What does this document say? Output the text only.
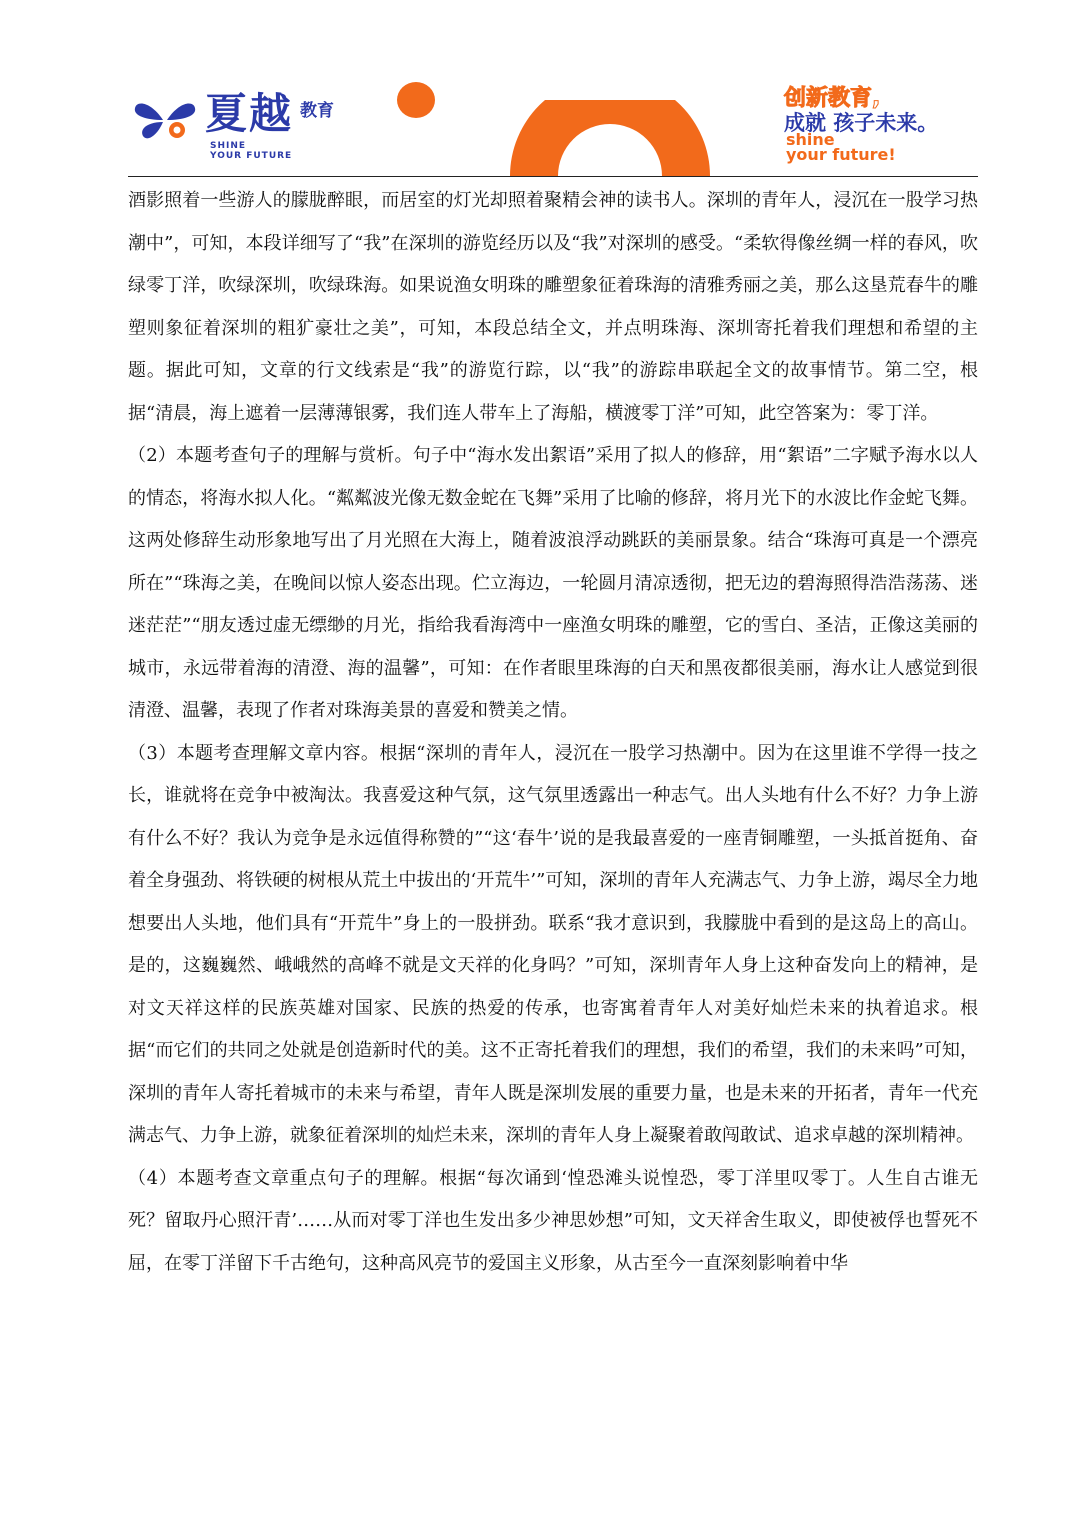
夏越 教育
SHINE
YOUR FUTURE
创新教育,
成就 孩子未来。
shine
your future!

酒影照着一些游人的朦胧醉眼，而居室的灯光却照着聚精会神的读书人。深圳的青年人，浸沉在一股学习热潮中”，可知，本段详细写了“我”在深圳的游览经历以及“我”对深圳的感受。“柔软得像丝绸一样的春风，吹绿零丁洋，吹绿深圳，吹绿珠海。如果说渔女明珠的雕塑象征着珠海的清雅秀丽之美，那么这垦荒春牛的雕塑则象征着深圳的粗犷豪壮之美”，可知，本段总结全文，并点明珠海、深圳寄托着我们理想和希望的主题。据此可知，文章的行文线索是“我”的游览行踪，以“我”的游踪串联起全文的故事情节。第二空，根据“清晨，海上遮着一层薄薄银雾，我们连人带车上了海船，横渡零丁洋”可知，此空答案为：零丁洋。

（2）本题考查句子的理解与赏析。句子中“海水发出絮语”采用了拟人的修辞，用“絮语”二字赋予海水以人的情态，将海水拟人化。“粼粼波光像无数金蛇在飞舞”采用了比喻的修辞，将月光下的水波比作金蛇飞舞。这两处修辞生动形象地写出了月光照在大海上，随着波浪浮动跳跃的美丽景象。结合“珠海可真是一个漂亮所在”“珠海之美，在晚间以惊人姿态出现。伫立海边，一轮圆月清凉透彻，把无边的碧海照得浩浩荡荡、迷迷茫茫”“朋友透过虚无缥缈的月光，指给我看海湾中一座渔女明珠的雕塑，它的雪白、圣洁，正像这美丽的城市，永远带着海的清澄、海的温馨”，可知：在作者眼里珠海的白天和黑夜都很美丽，海水让人感觉到很清澄、温馨，表现了作者对珠海美景的喜爱和赞美之情。

（3）本题考查理解文章内容。根据“深圳的青年人，浸沉在一股学习热潮中。因为在这里谁不学得一技之长，谁就将在竞争中被淘汰。我喜爱这种气氛，这气氛里透露出一种志气。出人头地有什么不好？力争上游有什么不好？我认为竞争是永远值得称赞的”“这‘春牛’说的是我最喜爱的一座青铜雕塑，一头抵首挺角、奋着全身强劲、将铁硬的树根从荒土中拔出的‘开荒牛’”可知，深圳的青年人充满志气、力争上游，竭尽全力地想要出人头地，他们具有“开荒牛”身上的一股拼劲。联系“我才意识到，我朦胧中看到的是这岛上的高山。是的，这巍巍然、峨峨然的高峰不就是文天祥的化身吗？”可知，深圳青年人身上这种奋发向上的精神，是对文天祥这样的民族英雄对国家、民族的热爱的传承，也寄寓着青年人对美好灿烂未来的执着追求。根据“而它们的共同之处就是创造新时代的美。这不正寄托着我们的理想，我们的希望，我们的未来吗”可知，深圳的青年人寄托着城市的未来与希望，青年人既是深圳发展的重要力量，也是未来的开拓者，青年一代充满志气、力争上游，就象征着深圳的灿烂未来，深圳的青年人身上凝聚着敢闯敢试、追求卓越的深圳精神。

（4）本题考查文章重点句子的理解。根据“每次诵到‘惶恐滩头说惶恐，零丁洋里叹零丁。人生自古谁无死？留取丹心照汗青’……从而对零丁洋也生发出多少神思妙想”可知，文天祥舍生取义，即使被俘也誓死不屈，在零丁洋留下千古绝句，这种高风亮节的爱国主义形象，从古至今一直深刻影响着中华
